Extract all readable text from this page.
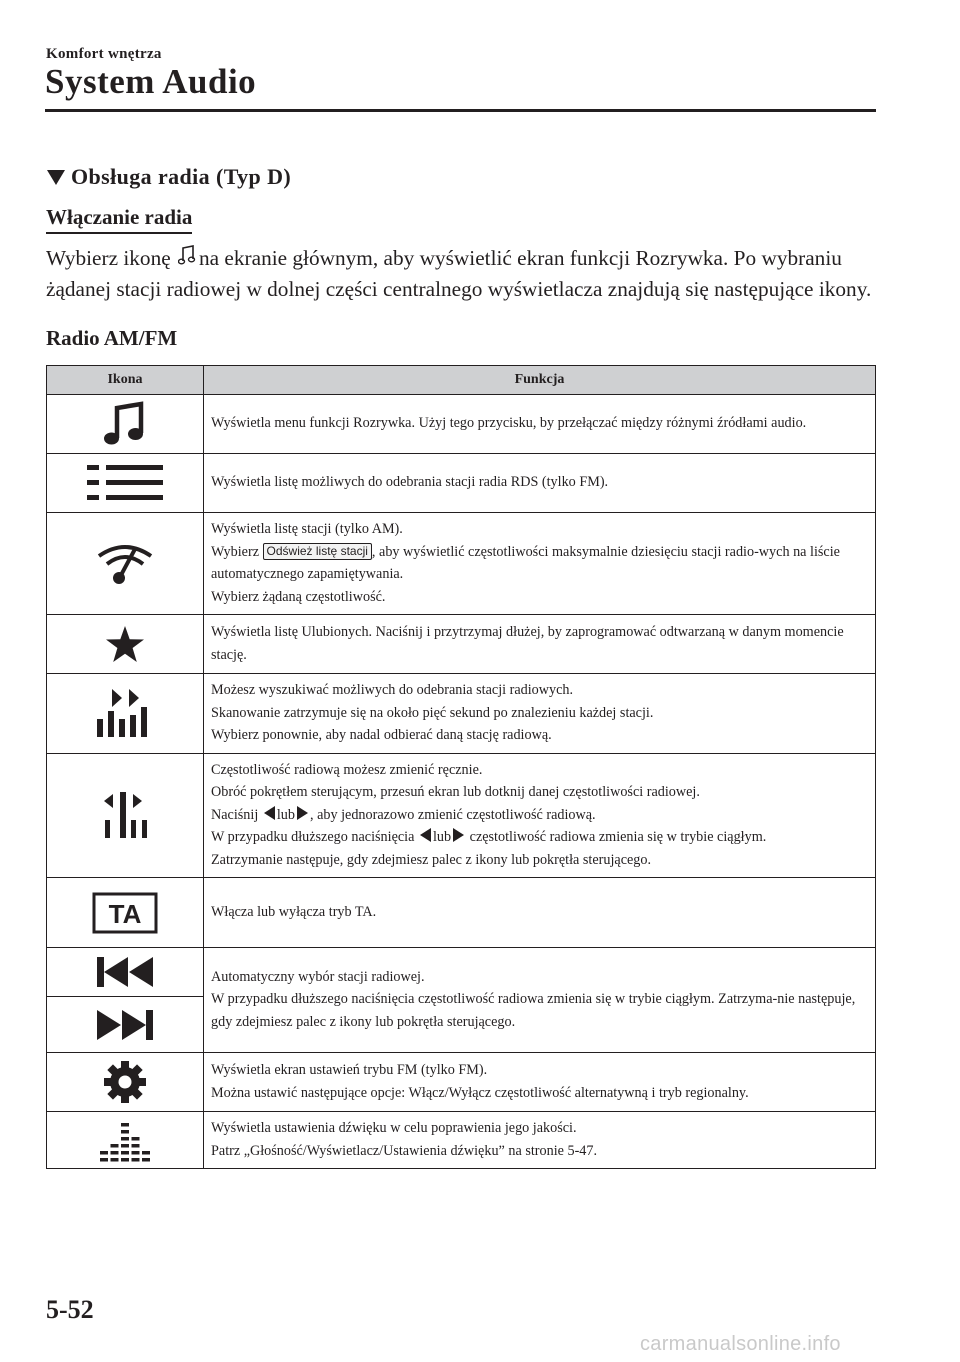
Komfort wnętrza
System Audio
Obsługa radia (Typ D)
Włączanie radia
Wybierz ikonę
na ekranie głównym, aby wyświetlić ekran funkcji Rozrywka. Po wybraniu żądanej stacji radiowej w dolnej części centralnego wyświetlacza znajdują się następujące ikony.
Radio AM/FM
Ikona	Funkcja

Wyświetla menu funkcji Rozrywka. Użyj tego przycisku, by przełączać między różnymi źródłami audio.

Wyświetla listę możliwych do odebrania stacji radia RDS (tylko FM).

Wyświetla listę stacji (tylko AM).
Wybierz Odśwież listę stacji , aby wyświetlić częstotliwości maksymalnie dziesięciu stacji radio-wych na liście automatycznego zapamiętywania.
Wybierz żądaną częstotliwość.

Wyświetla listę Ulubionych. Naciśnij i przytrzymaj dłużej, by zaprogramować odtwarzaną w danym momencie stację.

Możesz wyszukiwać możliwych do odebrania stacji radiowych.
Skanowanie zatrzymuje się na około pięć sekund po znalezieniu każdej stacji.
Wybierz ponownie, aby nadal odbierać daną stację radiową.

Częstotliwość radiową możesz zmienić ręcznie.
Obróć pokrętłem sterującym, przesuń ekran lub dotknij danej częstotliwości radiowej.
Naciśnij lub , aby jednorazowo zmienić częstotliwość radiową.
W przypadku dłuższego naciśnięcia lub częstotliwość radiowa zmienia się w trybie ciągłym.
Zatrzymanie następuje, gdy zdejmiesz palec z ikony lub pokrętła sterującego.

TA	Włącza lub wyłącza tryb TA.

Automatyczny wybór stacji radiowej.
W przypadku dłuższego naciśnięcia częstotliwość radiowa zmienia się w trybie ciągłym. Zatrzyma-nie następuje, gdy zdejmiesz palec z ikony lub pokrętła sterującego.

Wyświetla ekran ustawień trybu FM (tylko FM).
Można ustawić następujące opcje: Włącz/Wyłącz częstotliwość alternatywną i tryb regionalny.

Wyświetla ustawienia dźwięku w celu poprawienia jego jakości.
Patrz „Głośność/Wyświetlacz/Ustawienia dźwięku” na stronie 5-47.
5-52
carmanualsonline.info
